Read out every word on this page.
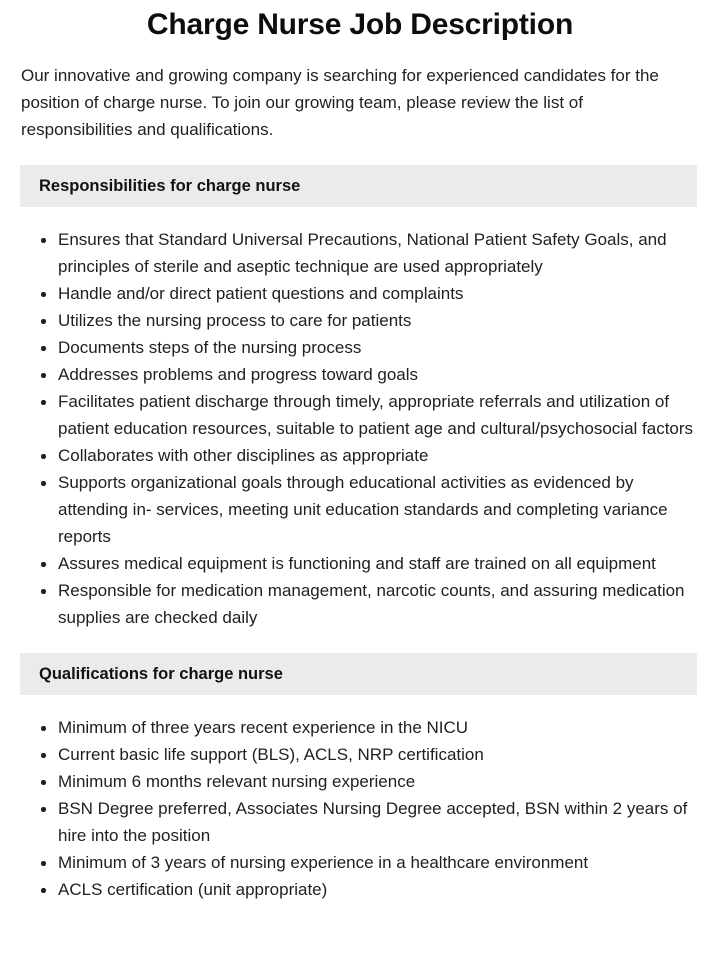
Charge Nurse Job Description

Our innovative and growing company is searching for experienced candidates for the position of charge nurse. To join our growing team, please review the list of responsibilities and qualifications.

Responsibilities for charge nurse
Ensures that Standard Universal Precautions, National Patient Safety Goals, and principles of sterile and aseptic technique are used appropriately
Handle and/or direct patient questions and complaints
Utilizes the nursing process to care for patients
Documents steps of the nursing process
Addresses problems and progress toward goals
Facilitates patient discharge through timely, appropriate referrals and utilization of patient education resources, suitable to patient age and cultural/psychosocial factors
Collaborates with other disciplines as appropriate
Supports organizational goals through educational activities as evidenced by attending in- services, meeting unit education standards and completing variance reports
Assures medical equipment is functioning and staff are trained on all equipment
Responsible for medication management, narcotic counts, and assuring medication supplies are checked daily
Qualifications for charge nurse
Minimum of three years recent experience in the NICU
Current basic life support (BLS), ACLS, NRP certification
Minimum 6 months relevant nursing experience
BSN Degree preferred, Associates Nursing Degree accepted, BSN within 2 years of hire into the position
Minimum of 3 years of nursing experience in a healthcare environment
ACLS certification (unit appropriate)
